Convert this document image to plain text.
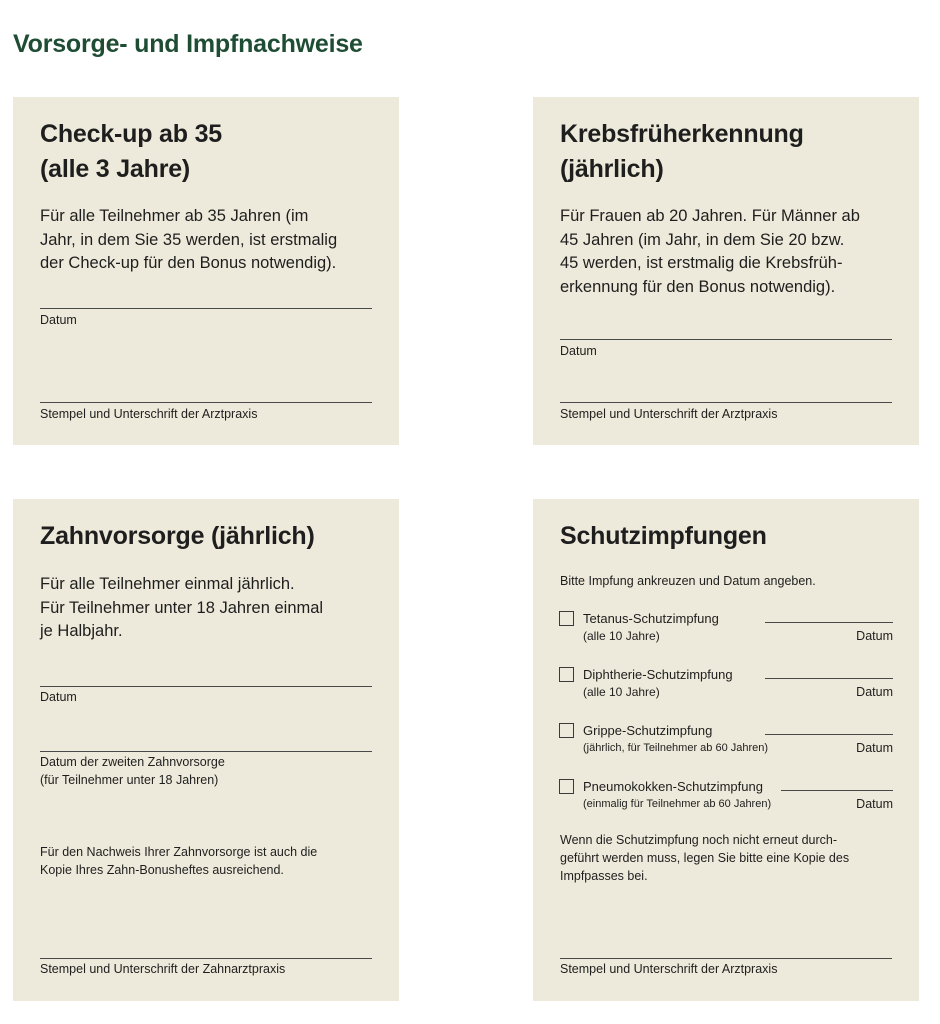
Vorsorge- und Impfnachweise
Check-up ab 35
(alle 3 Jahre)

Für alle Teilnehmer ab 35 Jahren (im
Jahr, in dem Sie 35 werden, ist erstmalig
der Check-up für den Bonus notwendig).

Datum

Stempel und Unterschrift der Arztpraxis

Krebsfrüherkennung
(jährlich)

Für Frauen ab 20 Jahren. Für Männer ab
45 Jahren (im Jahr, in dem Sie 20 bzw.
45 werden, ist erstmalig die Krebsfrüh-
erkennung für den Bonus notwendig).

Datum

Stempel und Unterschrift der Arztpraxis

Zahnvorsorge (jährlich)

Für alle Teilnehmer einmal jährlich.
Für Teilnehmer unter 18 Jahren einmal
je Halbjahr.

Datum

Datum der zweiten Zahnvorsorge
(für Teilnehmer unter 18 Jahren)

Für den Nachweis Ihrer Zahnvorsorge ist auch die
Kopie Ihres Zahn-Bonusheftes ausreichend.

Stempel und Unterschrift der Zahnarztpraxis

Schutzimpfungen

Bitte Impfung ankreuzen und Datum angeben.

Tetanus-Schutzimpfung
(alle 10 Jahre)	Datum
Diphtherie-Schutzimpfung
(alle 10 Jahre)	Datum
Grippe-Schutzimpfung
(jährlich, für Teilnehmer ab 60 Jahren)	Datum
Pneumokokken-Schutzimpfung
(einmalig für Teilnehmer ab 60 Jahren)	Datum

Wenn die Schutzimpfung noch nicht erneut durch-
geführt werden muss, legen Sie bitte eine Kopie des
Impfpasses bei.

Stempel und Unterschrift der Arztpraxis
